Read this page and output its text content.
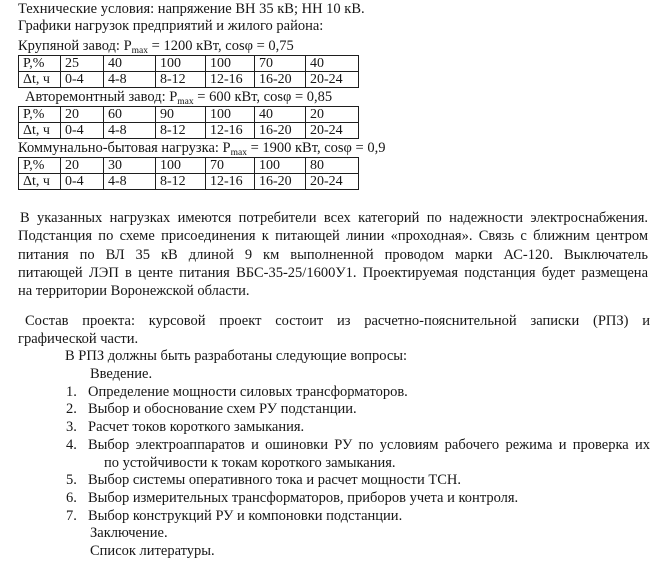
Технические условия: напряжение ВН 35 кВ; НН 10 кВ.
Графики нагрузок предприятий и жилого района:
Крупяной завод: $P_{max} = 1200$ кВт, cosφ = 0,75
P,%	25	40	100	100	70	40
Δt, ч	0-4	4-8	8-12	12-16	16-20	20-24
Авторемонтный завод: $P_{max} = 600$ кВт, cosφ = 0,85
P,%	20	60	90	100	40	20
Δt, ч	0-4	4-8	8-12	12-16	16-20	20-24
Коммунально-бытовая нагрузка: $P_{max} = 1900$ кВт, cosφ = 0,9
P,%	20	30	100	70	100	80
Δt, ч	0-4	4-8	8-12	12-16	16-20	20-24
В указанных нагрузках имеются потребители всех категорий по надежности электроснабжения.
Подстанция по схеме присоединения к питающей линии «проходная». Связь с ближним центром
питания по ВЛ 35 кВ длиной 9 км выполненной проводом марки АС-120. Выключатель
питающей ЛЭП в центе питания ВБС-35-25/1600У1. Проектируемая подстанция будет размещена
на территории Воронежской области.
Состав проекта: курсовой проект состоит из расчетно-пояснительной записки (РПЗ) и
графической части.
В РПЗ должны быть разработаны следующие вопросы:
Введение.
1. Определение мощности силовых трансформаторов.
2. Выбор и обоснование схем РУ подстанции.
3. Расчет токов короткого замыкания.
4. Выбор электроаппаратов и ошиновки РУ по условиям рабочего режима и проверка их
по устойчивости к токам короткого замыкания.
5. Выбор системы оперативного тока и расчет мощности ТСН.
6. Выбор измерительных трансформаторов, приборов учета и контроля.
7. Выбор конструкций РУ и компоновки подстанции.
Заключение.
Список литературы.
